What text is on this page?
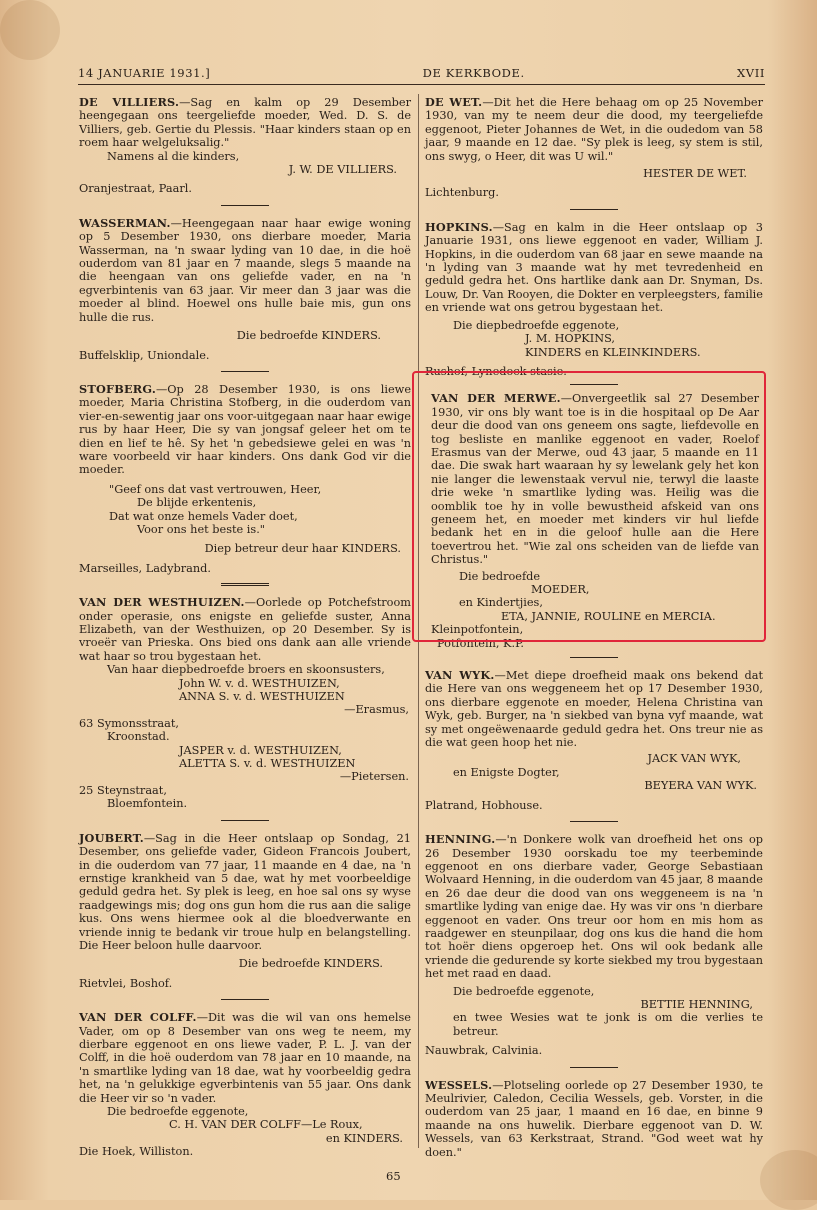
14 JANUARIE 1931.]	DE KERKBODE.	XVII

DE VILLIERS.—Sag en kalm op 29 Desember heengegaan ons teergeliefde moeder, Wed. D. S. de Villiers, geb. Gertie du Plessis. "Haar kinders staan op en roem haar welgeluksalig."

Namens al die kinders,

J. W. DE VILLIERS.

Oranjestraat, Paarl.

WASSERMAN.—Heengegaan naar haar ewige woning op 5 Desember 1930, ons dierbare moeder, Maria Wasserman, na 'n swaar lyding van 10 dae, in die hoë ouderdom van 81 jaar en 7 maande, slegs 5 maande na die heengaan van ons geliefde vader, en na 'n egverbintenis van 63 jaar. Vir meer dan 3 jaar was die moeder al blind. Hoewel ons hulle baie mis, gun ons hulle die rus.

Die bedroefde KINDERS.

Buffelsklip, Uniondale.

STOFBERG.—Op 28 Desember 1930, is ons liewe moeder, Maria Christina Stofberg, in die ouderdom van vier-en-sewentig jaar ons voor-uitgegaan naar haar ewige rus by haar Heer, Die sy van jongsaf geleer het om te dien en lief te hê. Sy het 'n gebedsiewe gelei en was 'n ware voorbeeld vir haar kinders. Ons dank God vir die moeder.

"Geef ons dat vast vertrouwen, Heer,
De blijde erkentenis,
Dat wat onze hemels Vader doet,
Voor ons het beste is."

Diep betreur deur haar KINDERS.

Marseilles, Ladybrand.

VAN DER WESTHUIZEN.—Oorlede op Potchefstroom onder operasie, ons enigste en geliefde suster, Anna Elizabeth, van der Westhuizen, op 20 Desember. Sy is vroeër van Prieska. Ons bied ons dank aan alle vriende wat haar so trou bygestaan het.

Van haar diepbedroefde broers en skoonsusters,

John W. v. d. WESTHUIZEN,

ANNA S. v. d. WESTHUIZEN

—Erasmus,

63 Symonsstraat,

Kroonstad.

JASPER v. d. WESTHUIZEN,

ALETTA S. v. d. WESTHUIZEN

—Pietersen.

25 Steynstraat,

Bloemfontein.

JOUBERT.—Sag in die Heer ontslaap op Sondag, 21 Desember, ons geliefde vader, Gideon Francois Joubert, in die ouderdom van 77 jaar, 11 maande en 4 dae, na 'n ernstige krankheid van 5 dae, wat hy met voorbeeldige geduld gedra het. Sy plek is leeg, en hoe sal ons sy wyse raadgewings mis; dog ons gun hom die rus aan die salige kus. Ons wens hiermee ook al die bloedverwante en vriende innig te bedank vir troue hulp en belangstelling. Die Heer beloon hulle daarvoor.

Die bedroefde KINDERS.

Rietvlei, Boshof.

VAN DER COLFF.—Dit was die wil van ons hemelse Vader, om op 8 Desember van ons weg te neem, my dierbare eggenoot en ons liewe vader, P. L. J. van der Colff, in die hoë ouderdom van 78 jaar en 10 maande, na 'n smartlike lyding van 18 dae, wat hy voorbeeldig gedra het, na 'n gelukkige egverbintenis van 55 jaar. Ons dank die Heer vir so 'n vader.

Die bedroefde eggenote,

C. H. VAN DER COLFF—Le Roux,

en KINDERS.

Die Hoek, Williston.

DE WET.—Dit het die Here behaag om op 25 November 1930, van my te neem deur die dood, my teergeliefde eggenoot, Pieter Johannes de Wet, in die oudedom van 58 jaar, 9 maande en 12 dae. "Sy plek is leeg, sy stem is stil, ons swyg, o Heer, dit was U wil."

HESTER DE WET.

Lichtenburg.

HOPKINS.—Sag en kalm in die Heer ontslaap op 3 Januarie 1931, ons liewe eggenoot en vader, William J. Hopkins, in die ouderdom van 68 jaar en sewe maande na 'n lyding van 3 maande wat hy met tevredenheid en geduld gedra het. Ons hartlike dank aan Dr. Snyman, Ds. Louw, Dr. Van Rooyen, die Dokter en verpleegsters, familie en vriende wat ons getrou bygestaan het.

Die diepbedroefde eggenote,

J. M. HOPKINS,

KINDERS en KLEINKINDERS.

Rushof, Lynedock-stasie.

VAN DER MERWE.—Onvergeetlik sal 27 Desember 1930, vir ons bly want toe is in die hospitaal op De Aar deur die dood van ons geneem ons sagte, liefdevolle en tog besliste en manlike eggenoot en vader, Roelof Erasmus van der Merwe, oud 43 jaar, 5 maande en 11 dae. Die swak hart waaraan hy sy lewelank gely het kon nie langer die lewenstaak vervul nie, terwyl die laaste drie weke 'n smartlike lyding was. Heilig was die oomblik toe hy in volle bewustheid afskeid van ons geneem het, en moeder met kinders vir hul liefde bedank het en in die geloof hulle aan die Here toevertrou het. "Wie zal ons scheiden van de liefde van Christus."

Die bedroefde

MOEDER,

en Kindertjies,

ETA, JANNIE, ROULINE en MERCIA.

Kleinpotfontein,

Potfontein, K.P.

VAN WYK.—Met diepe droefheid maak ons bekend dat die Here van ons weggeneem het op 17 Desember 1930, ons dierbare eggenote en moeder, Helena Christina van Wyk, geb. Burger, na 'n siekbed van byna vyf maande, wat sy met ongeëwenaarde geduld gedra het. Ons treur nie as die wat geen hoop het nie.

JACK VAN WYK,

en Enigste Dogter,

BEYERA VAN WYK.

Platrand, Hobhouse.

HENNING.—'n Donkere wolk van droefheid het ons op 26 Desember 1930 oorskadu toe my teerbeminde eggenoot en ons dierbare vader, George Sebastiaan Wolvaard Henning, in die ouderdom van 45 jaar, 8 maande en 26 dae deur die dood van ons weggeneem is na 'n smartlike lyding van enige dae. Hy was vir ons 'n dierbare eggenoot en vader. Ons treur oor hom en mis hom as raadgewer en steunpilaar, dog ons kus die hand die hom tot hoër diens opgeroep het. Ons wil ook bedank alle vriende die gedurende sy korte siekbed my trou bygestaan het met raad en daad.

Die bedroefde eggenote,

BETTIE HENNING,

en twee Wesies wat te jonk is om die verlies te betreur.

Nauwbrak, Calvinia.

WESSELS.—Plotseling oorlede op 27 Desember 1930, te Meulrivier, Caledon, Cecilia Wessels, geb. Vorster, in die ouderdom van 25 jaar, 1 maand en 16 dae, en binne 9 maande na ons huwelik. Dierbare eggenoot van D. W. Wessels, van 63 Kerkstraat, Strand. "God weet wat hy doen."

65
